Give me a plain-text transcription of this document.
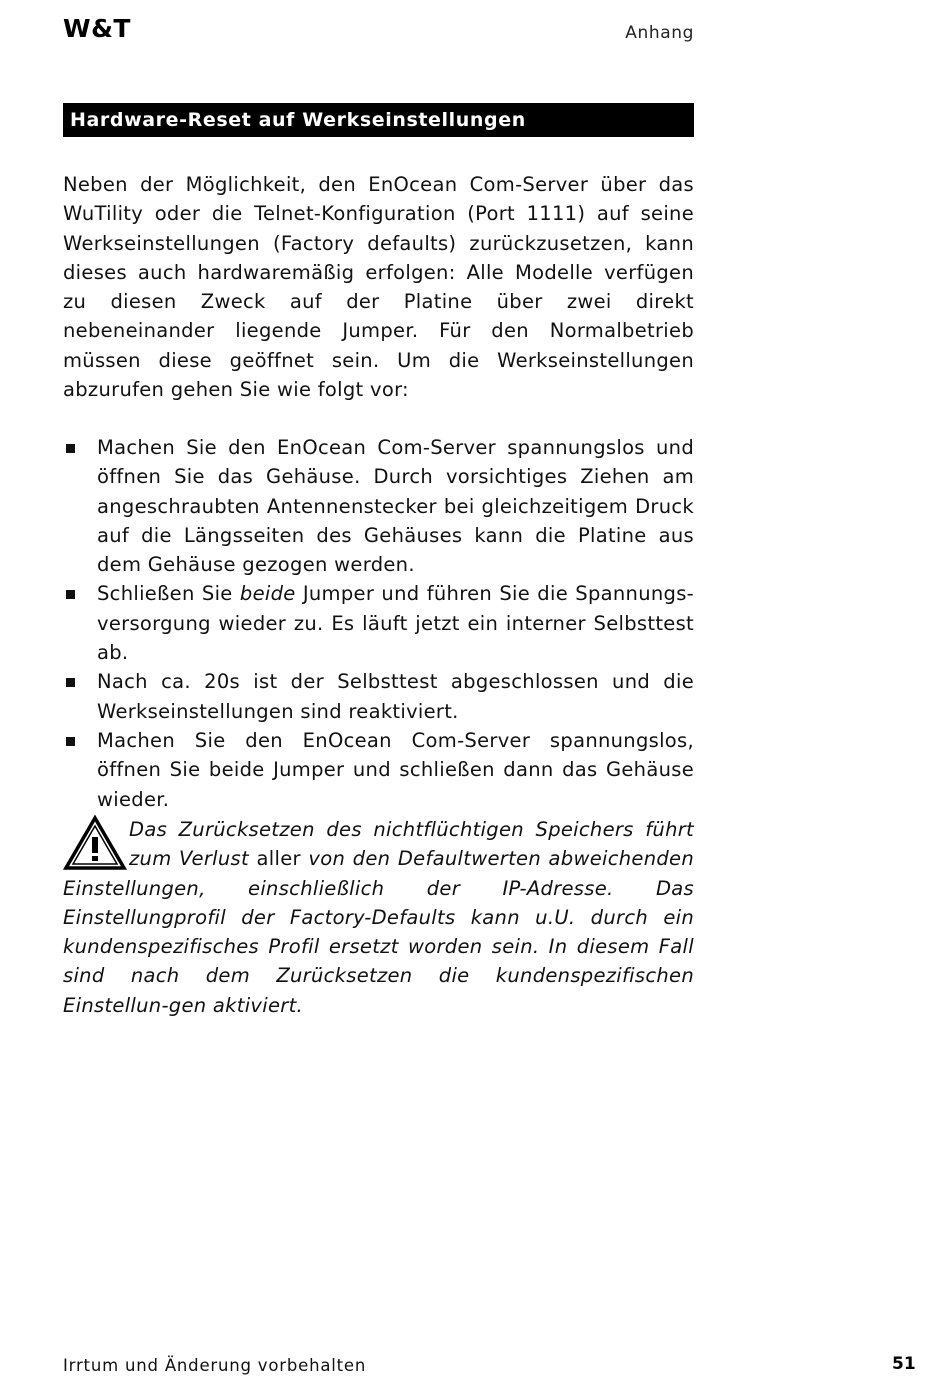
W&T	Anhang
Hardware-Reset auf Werkseinstellungen

Neben der Möglichkeit, den EnOcean Com-Server über das WuTility oder die Telnet-Konfiguration (Port 1111) auf seine Werkseinstellungen (Factory defaults) zurückzusetzen, kann dieses auch hardwaremäßig erfolgen: Alle Modelle verfügen zu diesen Zweck auf der Platine über zwei direkt nebeneinander liegende Jumper. Für den Normalbetrieb müssen diese geöffnet sein. Um die Werkseinstellungen abzurufen gehen Sie wie folgt vor:

Machen Sie den EnOcean Com-Server spannungslos und öffnen Sie das Gehäuse. Durch vorsichtiges Ziehen am angeschraubten Antennenstecker bei gleichzeitigem Druck auf die Längsseiten des Gehäuses kann die Platine aus dem Gehäuse gezogen werden.
Schließen Sie beide Jumper und führen Sie die Spannungs-versorgung wieder zu. Es läuft jetzt ein interner Selbsttest ab.
Nach ca. 20s ist der Selbsttest abgeschlossen und die Werkseinstellungen sind reaktiviert.
Machen Sie den EnOcean Com-Server spannungslos, öffnen Sie beide Jumper und schließen dann das Gehäuse wieder.
Das Zurücksetzen des nichtflüchtigen Speichers führt zum Verlust aller von den Defaultwerten abweichenden Einstellungen, einschließlich der IP-Adresse. Das Einstellungprofil der Factory-Defaults kann u.U. durch ein kundenspezifisches Profil ersetzt worden sein. In diesem Fall sind nach dem Zurücksetzen die kundenspezifischen Einstellun-gen aktiviert.
Irrtum und Änderung vorbehalten	51
